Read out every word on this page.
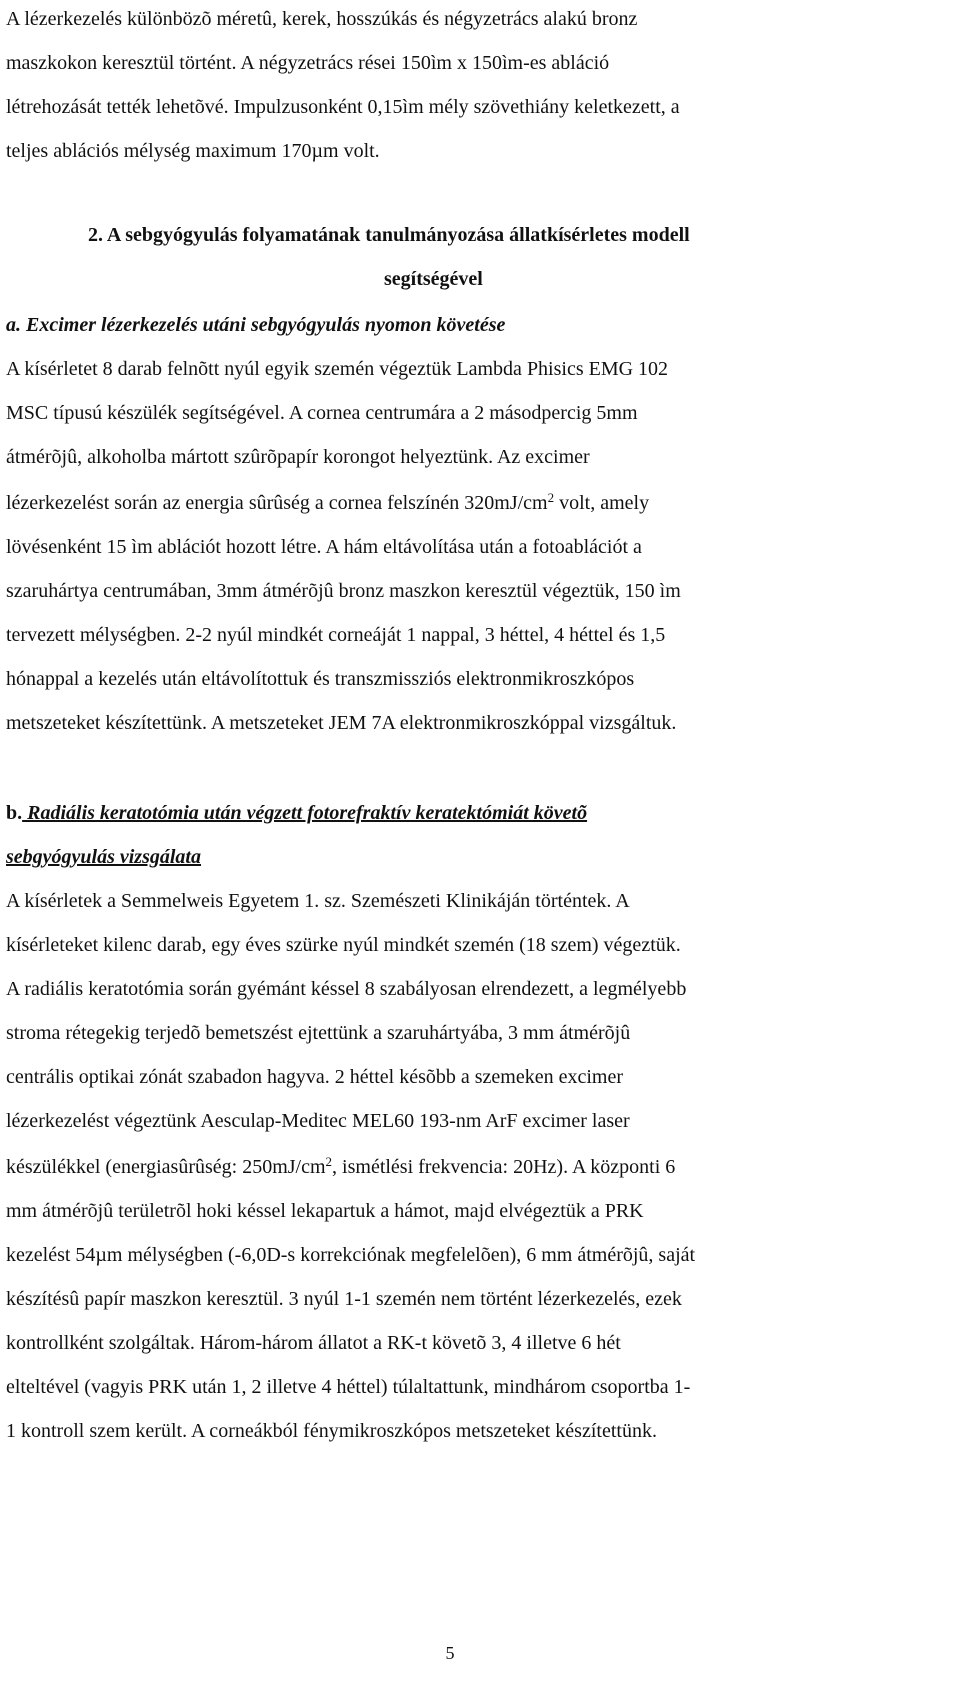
A lézerkezelés különbözõ méretû, kerek, hosszúkás és négyzetrács alakú bronz

maszkokon keresztül történt. A négyzetrács rései 150ìm x 150ìm-es abláció

létrehozását tették lehetõvé. Impulzusonként 0,15ìm mély szövethiány keletkezett, a

teljes ablációs mélység maximum 170µm volt.

2. A sebgyógyulás folyamatának tanulmányozása állatkísérletes modell

segítségével

a. Excimer lézerkezelés utáni sebgyógyulás nyomon követése

A kísérletet 8 darab felnõtt nyúl egyik szemén végeztük Lambda Phisics EMG 102

MSC típusú készülék segítségével. A cornea centrumára a 2 másodpercig 5mm

átmérõjû, alkoholba mártott szûrõpapír korongot helyeztünk. Az excimer

lézerkezelést során az energia sûrûség a cornea felszínén $320mJ/cm^2$ volt, amely

lövésenként 15 ìm ablációt hozott létre. A hám eltávolítása után a fotoablációt a

szaruhártya centrumában, 3mm átmérõjû bronz maszkon keresztül végeztük, 150 ìm

tervezett mélységben. 2-2 nyúl mindkét corneáját 1 nappal, 3 héttel, 4 héttel és 1,5

hónappal a kezelés után eltávolítottuk és transzmissziós elektronmikroszkópos

metszeteket készítettünk. A metszeteket JEM 7A elektronmikroszkóppal vizsgáltuk.

b. Radiális keratotómia után végzett fotorefraktív keratektómiát követõ

sebgyógyulás vizsgálata

A kísérletek a Semmelweis Egyetem 1. sz. Szemészeti Klinikáján történtek. A

kísérleteket kilenc darab, egy éves szürke nyúl mindkét szemén (18 szem) végeztük.

A radiális keratotómia során gyémánt késsel 8 szabályosan elrendezett, a legmélyebb

stroma rétegekig terjedõ bemetszést ejtettünk a szaruhártyába, 3 mm átmérõjû

centrális optikai zónát szabadon hagyva. 2 héttel késõbb a szemeken excimer

lézerkezelést végeztünk Aesculap-Meditec MEL60 193-nm ArF excimer laser

készülékkel (energiasûrûség: $250mJ/cm^2$, ismétlési frekvencia: 20Hz). A központi 6

mm átmérõjû területrõl hoki késsel lekapartuk a hámot, majd elvégeztük a PRK

kezelést 54µm mélységben (-6,0D-s korrekciónak megfelelõen), 6 mm átmérõjû, saját

készítésû papír maszkon keresztül. 3 nyúl 1-1 szemén nem történt lézerkezelés, ezek

kontrollként szolgáltak. Három-három állatot a RK-t követõ 3, 4 illetve 6 hét

elteltével (vagyis PRK után 1, 2 illetve 4 héttel) túlaltattunk, mindhárom csoportba 1-

1 kontroll szem került. A corneákból fénymikroszkópos metszeteket készítettünk.

5
